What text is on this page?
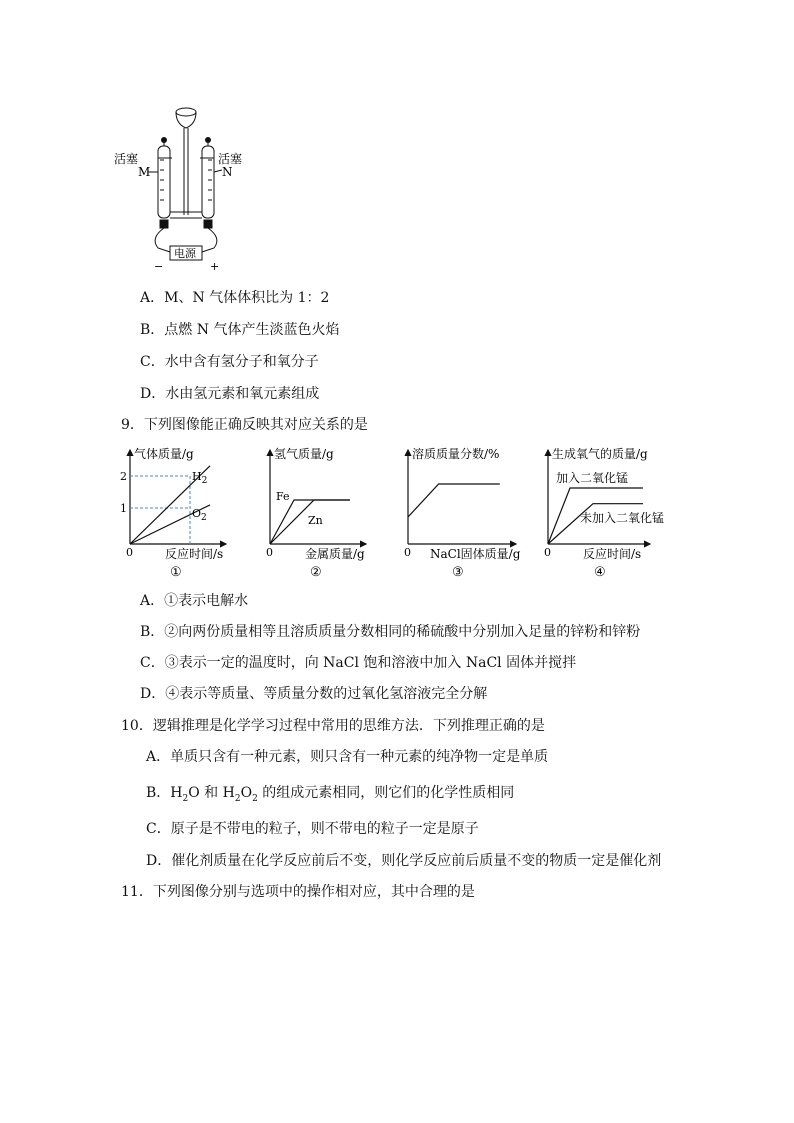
活塞	活塞
M	N
电源
−	+
A．M、N 气体体积比为 1：2
B．点燃 N 气体产生淡蓝色火焰
C．水中含有氢分子和氧分子
D．水由氢元素和氧元素组成
9．下列图像能正确反映其对应关系的是
气体质量/g
反应时间/s
0
2
1
$H_2$
$O_2$
①
氢气质量/g
金属质量/g
0
Fe
Zn
②
溶质质量分数/%
NaCl固体质量/g
0
③
生成氧气的质量/g
反应时间/s
0
加入二氧化锰
未加入二氧化锰
④
A．①表示电解水
B．②向两份质量相等且溶质质量分数相同的稀硫酸中分别加入足量的锌粉和锌粉
C．③表示一定的温度时，向 NaCl 饱和溶液中加入 NaCl 固体并搅拌
D．④表示等质量、等质量分数的过氧化氢溶液完全分解
10．逻辑推理是化学学习过程中常用的思维方法．下列推理正确的是
A．单质只含有一种元素，则只含有一种元素的纯净物一定是单质
B．$H_2O$ 和 $H_2O_2$ 的组成元素相同，则它们的化学性质相同
C．原子是不带电的粒子，则不带电的粒子一定是原子
D．催化剂质量在化学反应前后不变，则化学反应前后质量不变的物质一定是催化剂
11．下列图像分别与选项中的操作相对应，其中合理的是
